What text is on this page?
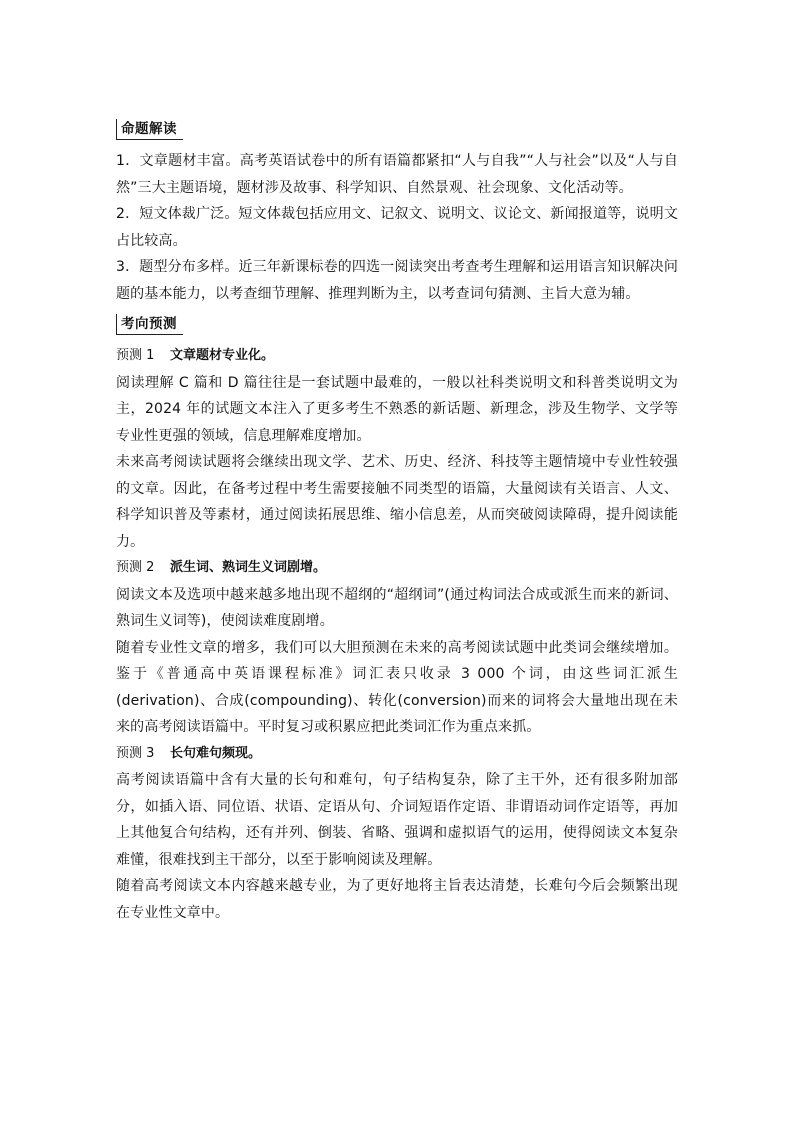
命题解读

1．文章题材丰富。高考英语试卷中的所有语篇都紧扣“人与自我”“人与社会”以及“人与自然”三大主题语境，题材涉及故事、科学知识、自然景观、社会现象、文化活动等。

2．短文体裁广泛。短文体裁包括应用文、记叙文、说明文、议论文、新闻报道等，说明文占比较高。

3．题型分布多样。近三年新课标卷的四选一阅读突出考查考生理解和运用语言知识解决问题的基本能力，以考查细节理解、推理判断为主，以考查词句猜测、主旨大意为辅。

考向预测

预测 1 文章题材专业化。

阅读理解 C 篇和 D 篇往往是一套试题中最难的，一般以社科类说明文和科普类说明文为主，2024 年的试题文本注入了更多考生不熟悉的新话题、新理念，涉及生物学、文学等专业性更强的领域，信息理解难度增加。

未来高考阅读试题将会继续出现文学、艺术、历史、经济、科技等主题情境中专业性较强的文章。因此，在备考过程中考生需要接触不同类型的语篇，大量阅读有关语言、人文、科学知识普及等素材，通过阅读拓展思维、缩小信息差，从而突破阅读障碍，提升阅读能力。

预测 2 派生词、熟词生义词剧增。

阅读文本及选项中越来越多地出现不超纲的“超纲词”(通过构词法合成或派生而来的新词、熟词生义词等)，使阅读难度剧增。

随着专业性文章的增多，我们可以大胆预测在未来的高考阅读试题中此类词会继续增加。鉴于《普通高中英语课程标准》词汇表只收录 3 000 个词，由这些词汇派生(derivation)、合成(compounding)、转化(conversion)而来的词将会大量地出现在未来的高考阅读语篇中。平时复习或积累应把此类词汇作为重点来抓。

预测 3 长句难句频现。

高考阅读语篇中含有大量的长句和难句，句子结构复杂，除了主干外，还有很多附加部分，如插入语、同位语、状语、定语从句、介词短语作定语、非谓语动词作定语等，再加上其他复合句结构，还有并列、倒装、省略、强调和虚拟语气的运用，使得阅读文本复杂难懂，很难找到主干部分，以至于影响阅读及理解。

随着高考阅读文本内容越来越专业，为了更好地将主旨表达清楚，长难句今后会频繁出现在专业性文章中。
